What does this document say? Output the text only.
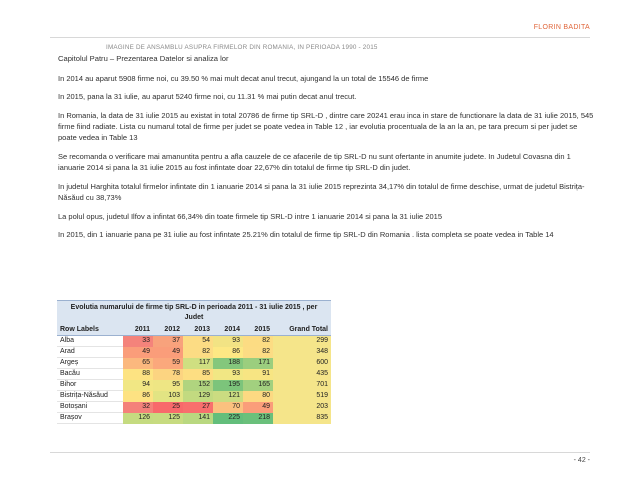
FLORIN BADITA
IMAGINE DE ANSAMBLU ASUPRA FIRMELOR DIN ROMANIA, IN PERIOADA 1990 - 2015
Capitolul Patru – Prezentarea Datelor si analiza lor

In 2014 au aparut 5908 firme noi, cu 39.50 % mai mult decat anul trecut, ajungand la un total de 15546 de firme

In 2015, pana la 31 iulie, au aparut 5240 firme noi, cu 11.31 % mai putin decat anul trecut.

In Romania, la data de 31 iulie 2015 au existat in total 20786 de firme tip SRL-D , dintre care 20241 erau inca in stare de functionare la data de 31 iulie 2015, 545 firme fiind radiate. Lista cu numarul total de firme per judet se poate vedea in Table 12 , iar evolutia procentuala de la an la an, pe tara precum si per judet se poate vedea in Table 13

Se recomanda o verificare mai amanuntita pentru a afla cauzele de ce afacerile de tip SRL-D nu sunt ofertante in anumite judete. In Judetul Covasna din 1 ianuarie 2014 si pana la 31 iulie 2015 au fost infintate doar 22,67% din totalul de firme tip SRL-D din judet.

In judetul Harghita totalul firmelor infintate din 1 ianuarie 2014 si pana la 31 iulie 2015 reprezinta 34,17% din totalul de firme deschise, urmat de judetul Bistrița-Năsăud cu 38,73%

La polul opus, judetul Ilfov a infintat 66,34% din toate firmele tip SRL-D intre 1 ianuarie 2014 si pana la 31 iulie 2015

In 2015, din 1 ianuarie pana pe 31 iulie au fost infintate 25.21% din totalul de firme tip SRL-D din Romania . lista completa se poate vedea in Table 14

Evolutia numarului de firme tip SRL-D in perioada 2011 - 31 iulie 2015 , per Judet						
Row Labels	2011	2012	2013	2014	2015	Grand Total
Alba	33	37	54	93	82	299
Arad	49	49	82	86	82	348
Argeș	65	59	117	188	171	600
Bacău	88	78	85	93	91	435
Bihor	94	95	152	195	165	701
Bistrița-Năsăud	86	103	129	121	80	519
Botoșani	32	25	27	70	49	203
Brașov	126	125	141	225	218	835
- 42 -
